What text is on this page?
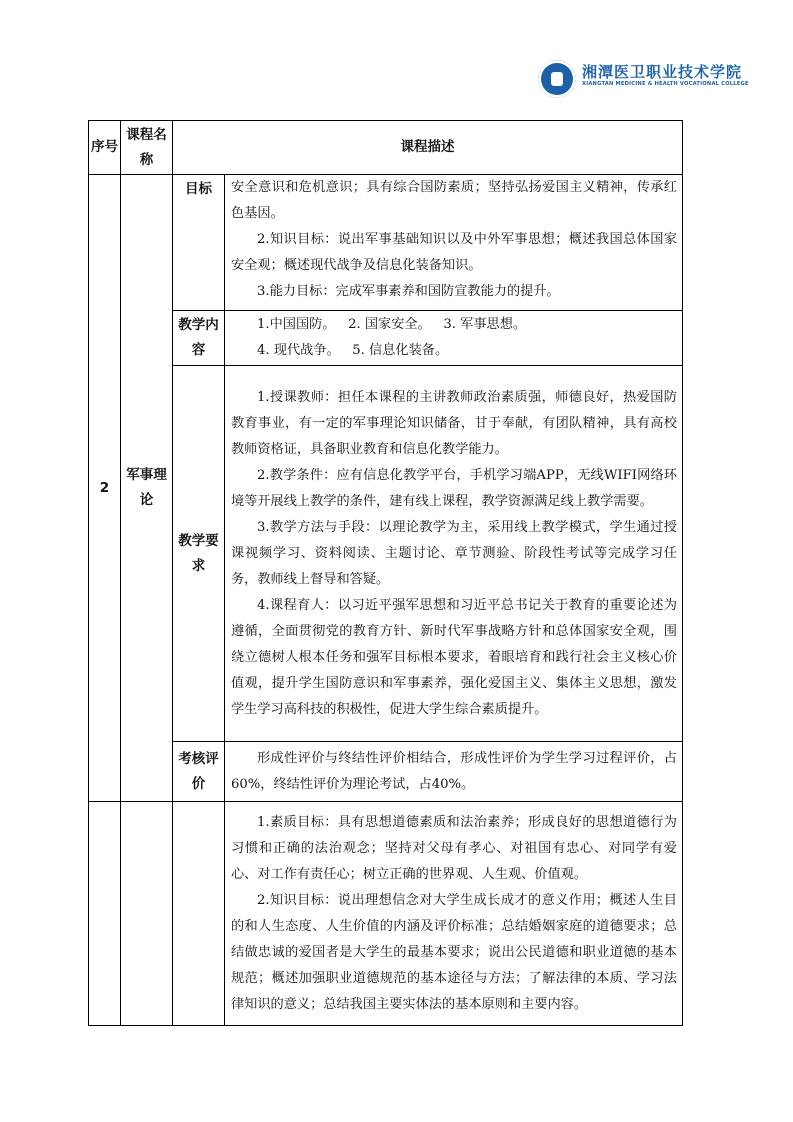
湘潭医卫职业技术学院
XIANGTAN MEDICINE & HEALTH VOCATIONAL COLLEGE
序号	课程名称	课程描述	
2	军事理论	目标	安全意识和危机意识；具有综合国防素质；坚持弘扬爱国主义精神，传承红色基因。

2.知识目标：说出军事基础知识以及中外军事思想；概述我国总体国家安全观；概述现代战争及信息化装备知识。

3.能力目标：完成军事素养和国防宣教能力的提升。

		教学内容	1.中国国防。   2. 国家安全。   3. 军事思想。

4. 现代战争。   5. 信息化装备。

		教学要求	1.授课教师：担任本课程的主讲教师政治素质强，师德良好，热爱国防教育事业，有一定的军事理论知识储备，甘于奉献，有团队精神，具有高校教师资格证，具备职业教育和信息化教学能力。

2.教学条件：应有信息化教学平台，手机学习端APP，无线WIFI网络环境等开展线上教学的条件，建有线上课程，教学资源满足线上教学需要。

3.教学方法与手段：以理论教学为主，采用线上教学模式，学生通过授课视频学习、资料阅读、主题讨论、章节测验、阶段性考试等完成学习任务，教师线上督导和答疑。

4.课程育人：以习近平强军思想和习近平总书记关于教育的重要论述为遵循，全面贯彻党的教育方针、新时代军事战略方针和总体国家安全观，围绕立德树人根本任务和强军目标根本要求，着眼培育和践行社会主义核心价值观，提升学生国防意识和军事素养，强化爱国主义、集体主义思想，激发学生学习高科技的积极性，促进大学生综合素质提升。

		考核评价	形成性评价与终结性评价相结合，形成性评价为学生学习过程评价，占60%，终结性评价为理论考试，占40%。

			1.素质目标：具有思想道德素质和法治素养；形成良好的思想道德行为习惯和正确的法治观念；坚持对父母有孝心、对祖国有忠心、对同学有爱心、对工作有责任心；树立正确的世界观、人生观、价值观。

2.知识目标：说出理想信念对大学生成长成才的意义作用；概述人生目的和人生态度、人生价值的内涵及评价标准；总结婚姻家庭的道德要求；总结做忠诚的爱国者是大学生的最基本要求；说出公民道德和职业道德的基本规范；概述加强职业道德规范的基本途径与方法；了解法律的本质、学习法律知识的意义；总结我国主要实体法的基本原则和主要内容。
